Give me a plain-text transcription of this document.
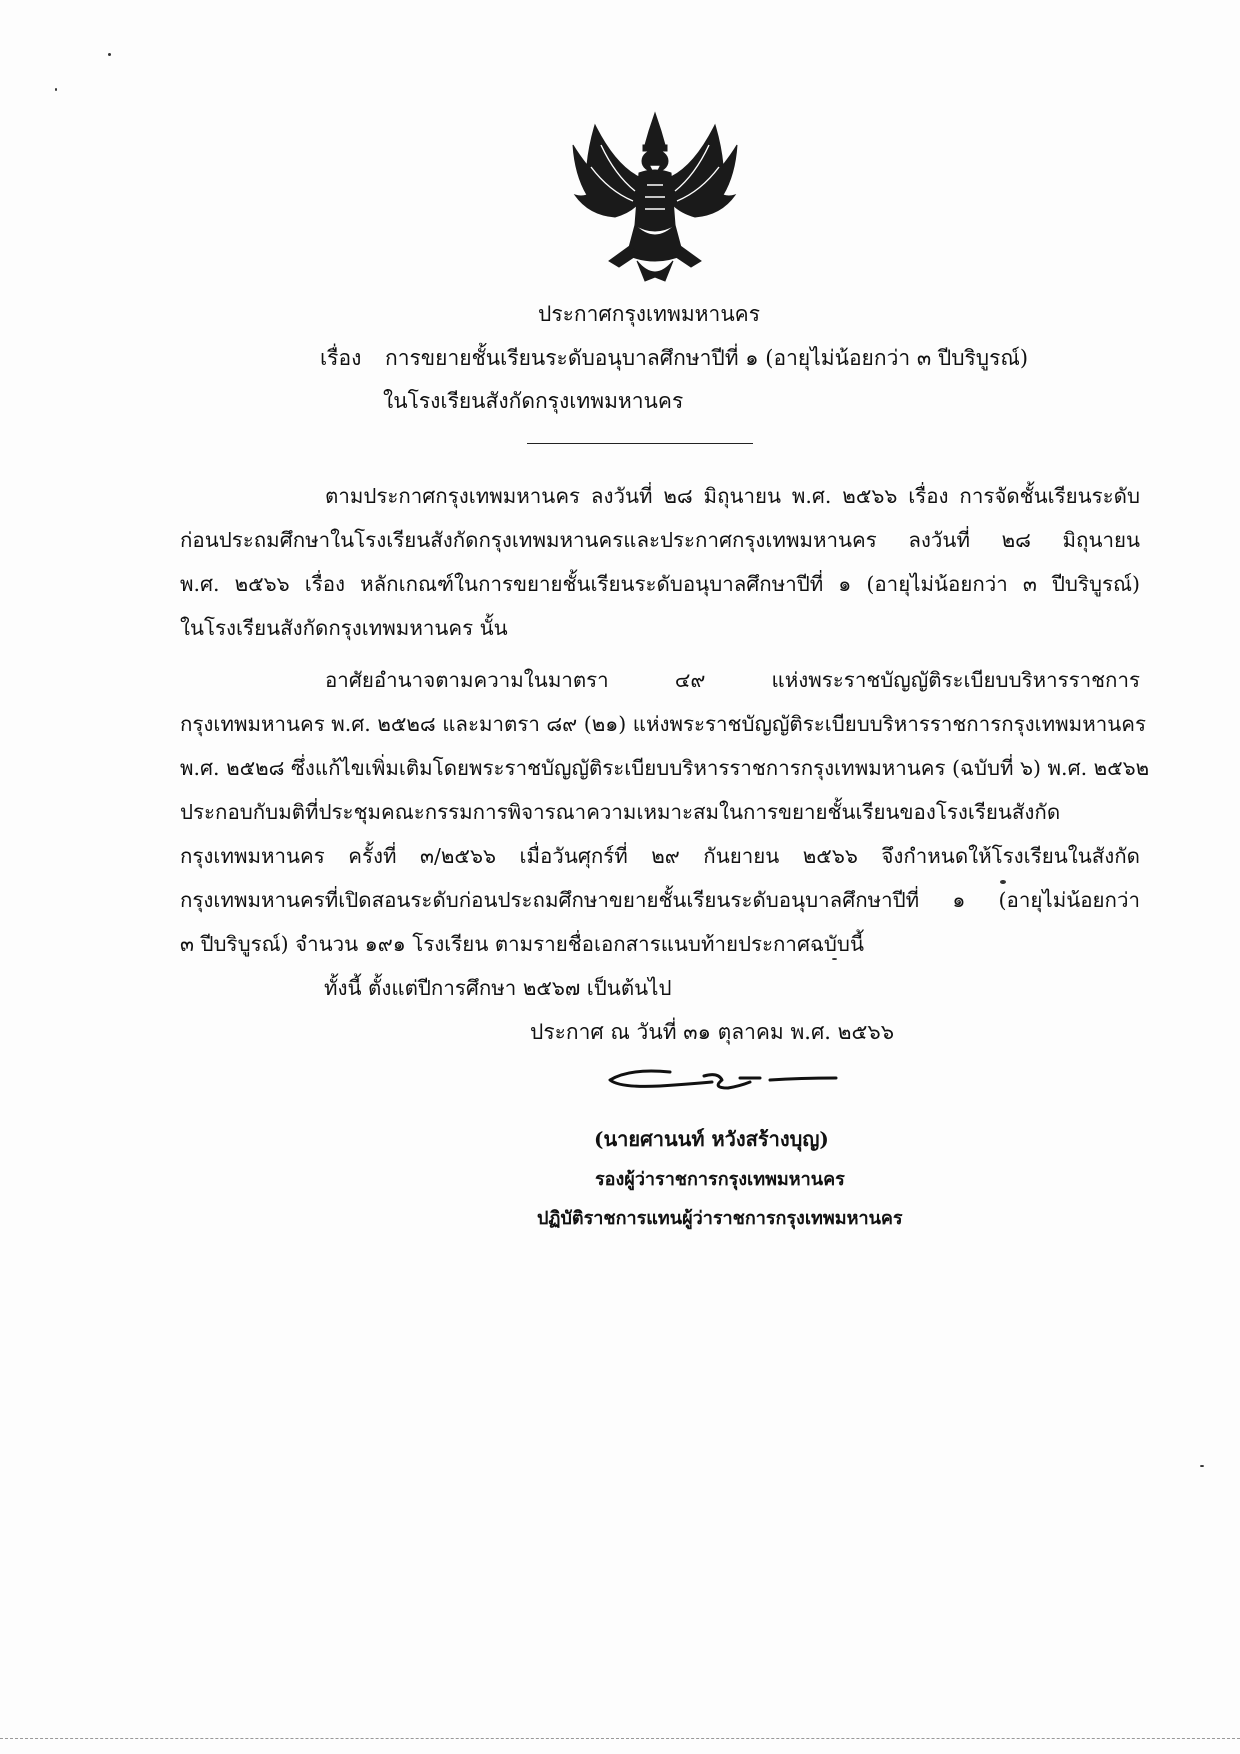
ประกาศกรุงเทพมหานคร
เรื่อง การขยายชั้นเรียนระดับอนุบาลศึกษาปีที่ ๑ (อายุไม่น้อยกว่า ๓ ปีบริบูรณ์)
ในโรงเรียนสังกัดกรุงเทพมหานคร
ตามประกาศกรุงเทพมหานคร ลงวันที่ ๒๘ มิถุนายน พ.ศ. ๒๕๖๖ เรื่อง การจัดชั้นเรียนระดับ
ก่อนประถมศึกษาในโรงเรียนสังกัดกรุงเทพมหานครและประกาศกรุงเทพมหานคร ลงวันที่ ๒๘ มิถุนายน
พ.ศ. ๒๕๖๖ เรื่อง หลักเกณฑ์ในการขยายชั้นเรียนระดับอนุบาลศึกษาปีที่ ๑ (อายุไม่น้อยกว่า ๓ ปีบริบูรณ์)
ในโรงเรียนสังกัดกรุงเทพมหานคร นั้น
อาศัยอำนาจตามความในมาตรา ๔๙ แห่งพระราชบัญญัติระเบียบบริหารราชการ
กรุงเทพมหานคร พ.ศ. ๒๕๒๘ และมาตรา ๘๙ (๒๑) แห่งพระราชบัญญัติระเบียบบริหารราชการกรุงเทพมหานคร
พ.ศ. ๒๕๒๘ ซึ่งแก้ไขเพิ่มเติมโดยพระราชบัญญัติระเบียบบริหารราชการกรุงเทพมหานคร (ฉบับที่ ๖) พ.ศ. ๒๕๖๒
ประกอบกับมติที่ประชุมคณะกรรมการพิจารณาความเหมาะสมในการขยายชั้นเรียนของโรงเรียนสังกัด
กรุงเทพมหานคร ครั้งที่ ๓/๒๕๖๖ เมื่อวันศุกร์ที่ ๒๙ กันยายน ๒๕๖๖ จึงกำหนดให้โรงเรียนในสังกัด
กรุงเทพมหานครที่เปิดสอนระดับก่อนประถมศึกษาขยายชั้นเรียนระดับอนุบาลศึกษาปีที่ ๑ (อายุไม่น้อยกว่า
๓ ปีบริบูรณ์) จำนวน ๑๙๑ โรงเรียน ตามรายชื่อเอกสารแนบท้ายประกาศฉบับนี้
ทั้งนี้ ตั้งแต่ปีการศึกษา ๒๕๖๗ เป็นต้นไป
ประกาศ ณ วันที่ ๓๑ ตุลาคม พ.ศ. ๒๕๖๖
(นายศานนท์ หวังสร้างบุญ)
รองผู้ว่าราชการกรุงเทพมหานคร
ปฏิบัติราชการแทนผู้ว่าราชการกรุงเทพมหานคร
